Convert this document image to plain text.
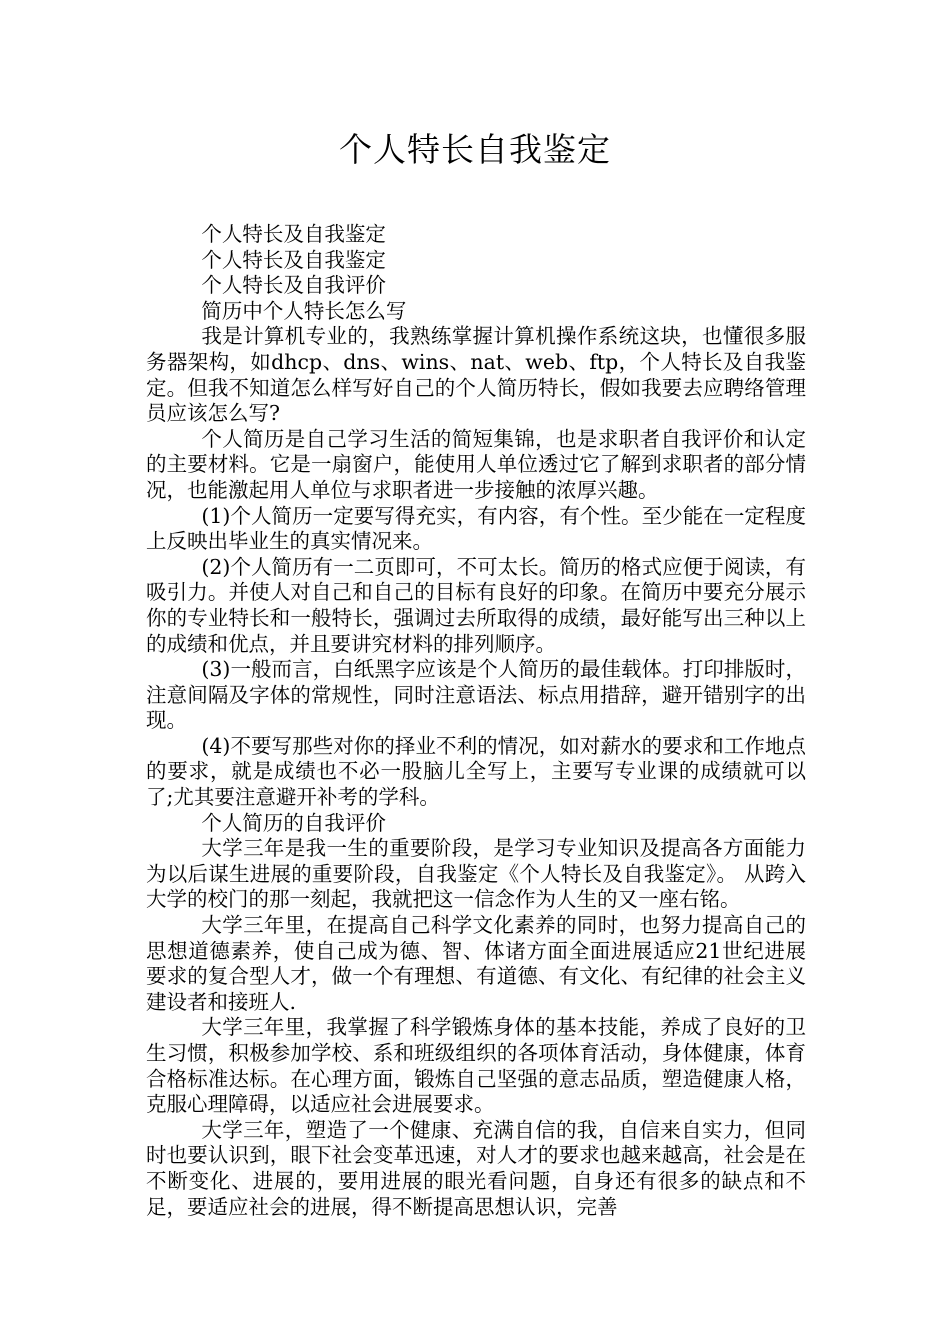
个人特长自我鉴定

个人特长及自我鉴定

个人特长及自我鉴定

个人特长及自我评价

简历中个人特长怎么写

我是计算机专业的，我熟练掌握计算机操作系统这块，也懂很多服务器架构，如dhcp、dns、wins、nat、web、ftp，个人特长及自我鉴定。但我不知道怎么样写好自己的个人简历特长，假如我要去应聘络管理员应该怎么写?

个人简历是自己学习生活的简短集锦，也是求职者自我评价和认定的主要材料。它是一扇窗户，能使用人单位透过它了解到求职者的部分情况，也能激起用人单位与求职者进一步接触的浓厚兴趣。

(1)个人简历一定要写得充实，有内容，有个性。至少能在一定程度上反映出毕业生的真实情况来。

(2)个人简历有一二页即可，不可太长。简历的格式应便于阅读，有吸引力。并使人对自己和自己的目标有良好的印象。在简历中要充分展示你的专业特长和一般特长，强调过去所取得的成绩，最好能写出三种以上的成绩和优点，并且要讲究材料的排列顺序。

(3)一般而言，白纸黑字应该是个人简历的最佳载体。打印排版时，注意间隔及字体的常规性，同时注意语法、标点用措辞，避开错别字的出现。

(4)不要写那些对你的择业不利的情况，如对薪水的要求和工作地点的要求，就是成绩也不必一股脑儿全写上，主要写专业课的成绩就可以了;尤其要注意避开补考的学科。

个人简历的自我评价

大学三年是我一生的重要阶段，是学习专业知识及提高各方面能力为以后谋生进展的重要阶段，自我鉴定《个人特长及自我鉴定》。 从跨入大学的校门的那一刻起，我就把这一信念作为人生的又一座右铭。

大学三年里，在提高自己科学文化素养的同时，也努力提高自己的思想道德素养，使自己成为德、智、体诸方面全面进展适应21世纪进展要求的复合型人才，做一个有理想、有道德、有文化、有纪律的社会主义建设者和接班人.

大学三年里，我掌握了科学锻炼身体的基本技能，养成了良好的卫生习惯，积极参加学校、系和班级组织的各项体育活动，身体健康，体育合格标准达标。在心理方面，锻炼自己坚强的意志品质，塑造健康人格，克服心理障碍，以适应社会进展要求。

大学三年，塑造了一个健康、充满自信的我，自信来自实力，但同时也要认识到，眼下社会变革迅速，对人才的要求也越来越高，社会是在不断变化、进展的，要用进展的眼光看问题，自身还有很多的缺点和不足，要适应社会的进展，得不断提高思想认识，完善
